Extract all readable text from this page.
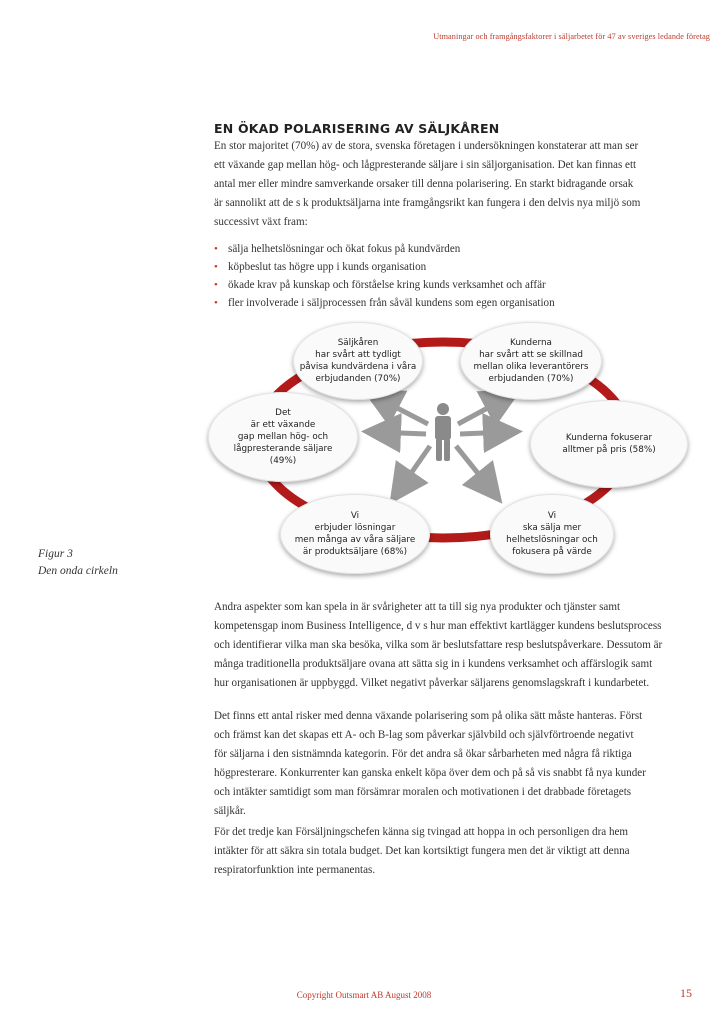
Utmaningar och framgångsfaktorer i säljarbetet för 47 av sveriges ledande företag
EN ÖKAD POLARISERING AV SÄLJKÅREN
En stor majoritet (70%) av de stora, svenska företagen i undersökningen konstaterar att man ser
ett växande gap mellan hög- och lågpresterande säljare i sin säljorganisation. Det kan finnas ett
antal mer eller mindre samverkande orsaker till denna polarisering. En starkt bidragande orsak
är sannolikt att de s k produktsäljarna inte framgångsrikt kan fungera i den delvis nya miljö som
successivt växt fram:
• sälja helhetslösningar och ökat fokus på kundvärden
• köpbeslut tas högre upp i kunds organisation
• ökade krav på kunskap och förståelse kring kunds verksamhet och affär
• fler involverade i säljprocessen från såväl kundens som egen organisation
Säljkåren
har svårt att tydligt
påvisa kundvärdena i våra
erbjudanden (70%)
Kunderna
har svårt att se skillnad
mellan olika leverantörers
erbjudanden (70%)
Det
är ett växande
gap mellan hög- och
lågpresterande säljare
(49%)
Kunderna fokuserar
alltmer på pris (58%)
Vi
erbjuder lösningar
men många av våra säljare
är produktsäljare (68%)
Vi
ska sälja mer
helhetslösningar och
fokusera på värde
Figur 3
Den onda cirkeln
Andra aspekter som kan spela in är svårigheter att ta till sig nya produkter och tjänster samt
kompetensgap inom Business Intelligence, d v s hur man effektivt kartlägger kundens beslutsprocess
och identifierar vilka man ska besöka, vilka som är beslutsfattare resp beslutspåverkare. Dessutom är
många traditionella produktsäljare ovana att sätta sig in i kundens verksamhet och affärslogik samt
hur organisationen är uppbyggd. Vilket negativt påverkar säljarens genomslagskraft i kundarbetet.
Det finns ett antal risker med denna växande polarisering som på olika sätt måste hanteras. Först
och främst kan det skapas ett A- och B-lag som påverkar självbild och självförtroende negativt
för säljarna i den sistnämnda kategorin. För det andra så ökar sårbarheten med några få riktiga
högpresterare. Konkurrenter kan ganska enkelt köpa över dem och på så vis snabbt få nya kunder
och intäkter samtidigt som man försämrar moralen och motivationen i det drabbade företagets
säljkår.
För det tredje kan Försäljningschefen känna sig tvingad att hoppa in och personligen dra hem
intäkter för att säkra sin totala budget. Det kan kortsiktigt fungera men det är viktigt att denna
respiratorfunktion inte permanentas.
Copyright Outsmart AB August 2008	15
